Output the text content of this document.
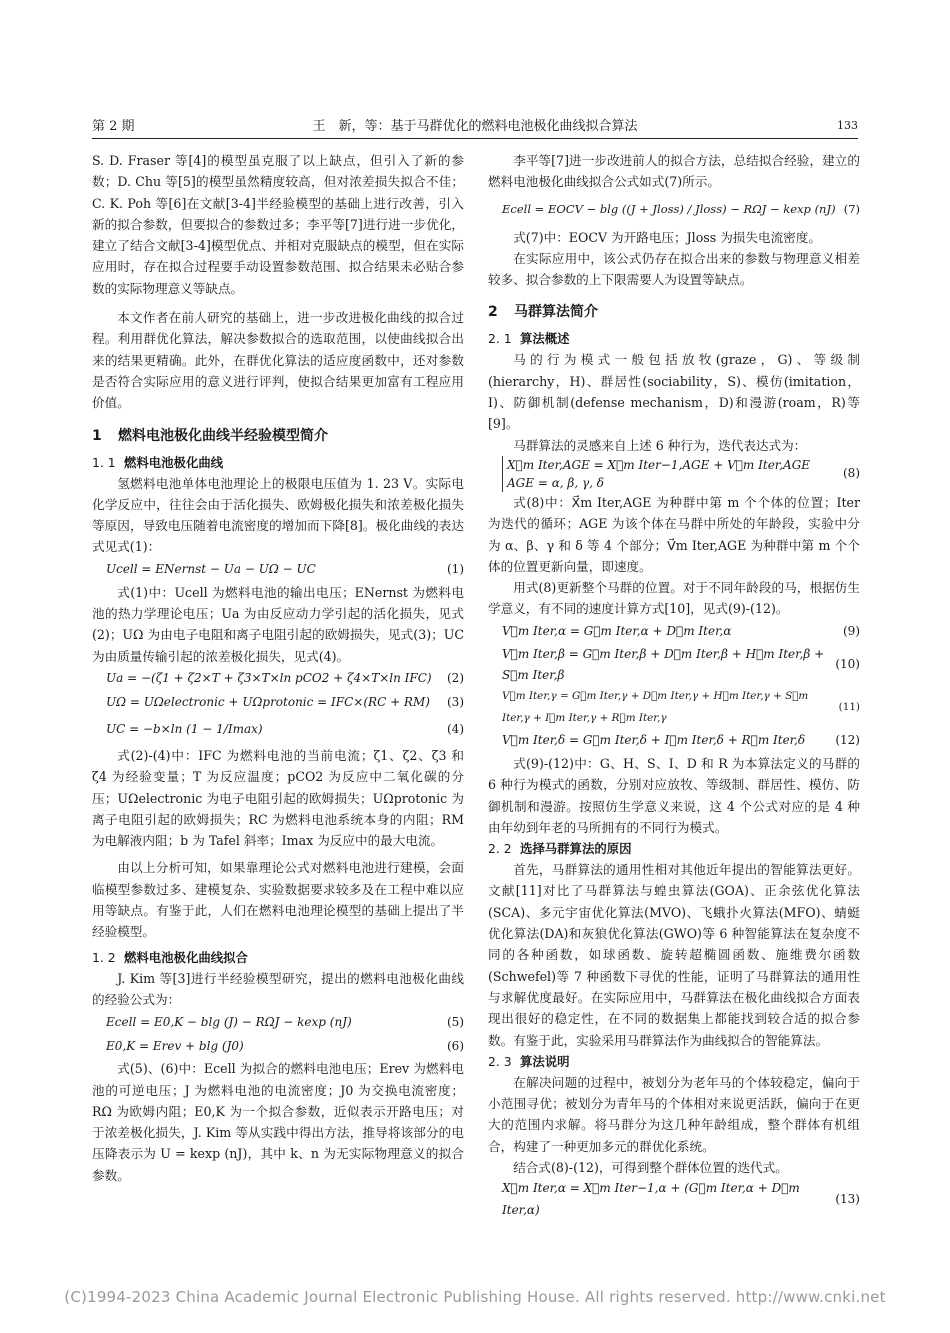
第 2 期	王　新，等：基于马群优化的燃料电池极化曲线拟合算法	133

S. D. Fraser 等[4]的模型虽克服了以上缺点，但引入了新的参数；D. Chu 等[5]的模型虽然精度较高，但对浓差损失拟合不佳；C. K. Poh 等[6]在文献[3-4]半经验模型的基础上进行改善，引入新的拟合参数，但要拟合的参数过多；李平等[7]进行进一步优化，建立了结合文献[3-4]模型优点、并相对克服缺点的模型，但在实际应用时，存在拟合过程要手动设置参数范围、拟合结果未必贴合参数的实际物理意义等缺点。

本文作者在前人研究的基础上，进一步改进极化曲线的拟合过程。利用群优化算法，解决参数拟合的选取范围，以使曲线拟合出来的结果更精确。此外，在群优化算法的适应度函数中，还对参数是否符合实际应用的意义进行评判，使拟合结果更加富有工程应用价值。

1 燃料电池极化曲线半经验模型简介
1. 1 燃料电池极化曲线

氢燃料电池单体电池理论上的极限电压值为 1. 23 V。实际电化学反应中，往往会由于活化损失、欧姆极化损失和浓差极化损失等原因，导致电压随着电流密度的增加而下降[8]。极化曲线的表达式见式(1)：

Ucell = ENernst − Ua − UΩ − UC	(1)

式(1)中：Ucell 为燃料电池的输出电压；ENernst 为燃料电池的热力学理论电压；Ua 为由反应动力学引起的活化损失，见式(2)；UΩ 为由电子电阻和离子电阻引起的欧姆损失，见式(3)；UC 为由质量传输引起的浓差极化损失，见式(4)。

Ua = −(ζ1 + ζ2×T + ζ3×T×ln pCO2 + ζ4×T×ln IFC) (2)
UΩ = UΩelectronic + UΩprotonic = IFC×(RC + RM) (3)
UC = −b×ln (1 − 1/Imax)	(4)

式(2)-(4)中：IFC 为燃料电池的当前电流；ζ1、ζ2、ζ3 和 ζ4 为经验变量；T 为反应温度；pCO2 为反应中二氧化碳的分压；UΩelectronic 为电子电阻引起的欧姆损失；UΩprotonic 为离子电阻引起的欧姆损失；RC 为燃料电池系统本身的内阻；RM 为电解液内阻；b 为 Tafel 斜率；Imax 为反应中的最大电流。

由以上分析可知，如果靠理论公式对燃料电池进行建模，会面临模型参数过多、建模复杂、实验数据要求较多及在工程中难以应用等缺点。有鉴于此，人们在燃料电池理论模型的基础上提出了半经验模型。

1. 2 燃料电池极化曲线拟合

J. Kim 等[3]进行半经验模型研究，提出的燃料电池极化曲线的经验公式为：

Ecell = E0,K − blg (J) − RΩJ − kexp (nJ)	(5)
E0,K = Erev + blg (J0)	(6)

式(5)、(6)中：Ecell 为拟合的燃料电池电压；Erev 为燃料电池的可逆电压；J 为燃料电池的电流密度；J0 为交换电流密度；RΩ 为欧姆内阻；E0,K 为一个拟合参数，近似表示开路电压；对于浓差极化损失，J. Kim 等从实践中得出方法，推导将该部分的电压降表示为 U = kexp (nJ)，其中 k、n 为无实际物理意义的拟合参数。

李平等[7]进一步改进前人的拟合方法，总结拟合经验，建立的燃料电池极化曲线拟合公式如式(7)所示。

Ecell = EOCV − blg ((J + Jloss) / Jloss) − RΩJ − kexp (nJ) (7)

式(7)中：EOCV 为开路电压；Jloss 为损失电流密度。

在实际应用中，该公式仍存在拟合出来的参数与物理意义相差较多、拟合参数的上下限需要人为设置等缺点。

2 马群算法简介
2. 1 算法概述

马的行为模式一般包括放牧(graze，G)、等级制(hierarchy，H)、群居性(sociability，S)、模仿(imitation，I)、防御机制(defense mechanism，D)和漫游(roam，R)等[9]。

马群算法的灵感来自上述 6 种行为，迭代表达式为：

X⃗m Iter,AGE = X⃗m Iter−1,AGE + V⃗m Iter,AGE
AGE = α, β, γ, δ
(8)

式(8)中：X⃗m Iter,AGE 为种群中第 m 个个体的位置；Iter 为迭代的循环；AGE 为该个体在马群中所处的年龄段，实验中分为 α、β、γ 和 δ 等 4 个部分；V⃗m Iter,AGE 为种群中第 m 个个体的位置更新向量，即速度。

用式(8)更新整个马群的位置。对于不同年龄段的马，根据仿生学意义，有不同的速度计算方式[10]，见式(9)-(12)。

V⃗m Iter,α = G⃗m Iter,α + D⃗m Iter,α	(9)
V⃗m Iter,β = G⃗m Iter,β + D⃗m Iter,β + H⃗m Iter,β + S⃗m Iter,β
(10)
V⃗m Iter,γ = G⃗m Iter,γ + D⃗m Iter,γ + H⃗m Iter,γ + S⃗m Iter,γ + I⃗m Iter,γ + R⃗m Iter,γ
(11)
V⃗m Iter,δ = G⃗m Iter,δ + I⃗m Iter,δ + R⃗m Iter,δ	(12)

式(9)-(12)中：G、H、S、I、D 和 R 为本算法定义的马群的 6 种行为模式的函数，分别对应放牧、等级制、群居性、模仿、防御机制和漫游。按照仿生学意义来说，这 4 个公式对应的是 4 种由年幼到年老的马所拥有的不同行为模式。

2. 2 选择马群算法的原因

首先，马群算法的通用性相对其他近年提出的智能算法更好。文献[11]对比了马群算法与蝗虫算法(GOA)、正余弦优化算法(SCA)、多元宇宙优化算法(MVO)、飞蛾扑火算法(MFO)、蜻蜓优化算法(DA)和灰狼优化算法(GWO)等 6 种智能算法在复杂度不同的各种函数，如球函数、旋转超椭圆函数、施维费尔函数(Schwefel)等 7 种函数下寻优的性能，证明了马群算法的通用性与求解优度最好。在实际应用中，马群算法在极化曲线拟合方面表现出很好的稳定性，在不同的数据集上都能找到较合适的拟合参数。有鉴于此，实验采用马群算法作为曲线拟合的智能算法。

2. 3 算法说明

在解决问题的过程中，被划分为老年马的个体较稳定，偏向于小范围寻优；被划分为青年马的个体相对来说更活跃，偏向于在更大的范围内求解。将马群分为这几种年龄组成，整个群体有机组合，构建了一种更加多元的群优化系统。

结合式(8)-(12)，可得到整个群体位置的迭代式。

X⃗m Iter,α = X⃗m Iter−1,α + (G⃗m Iter,α + D⃗m Iter,α)
(13)
(C)1994-2023 China Academic Journal Electronic Publishing House. All rights reserved. http://www.cnki.net
